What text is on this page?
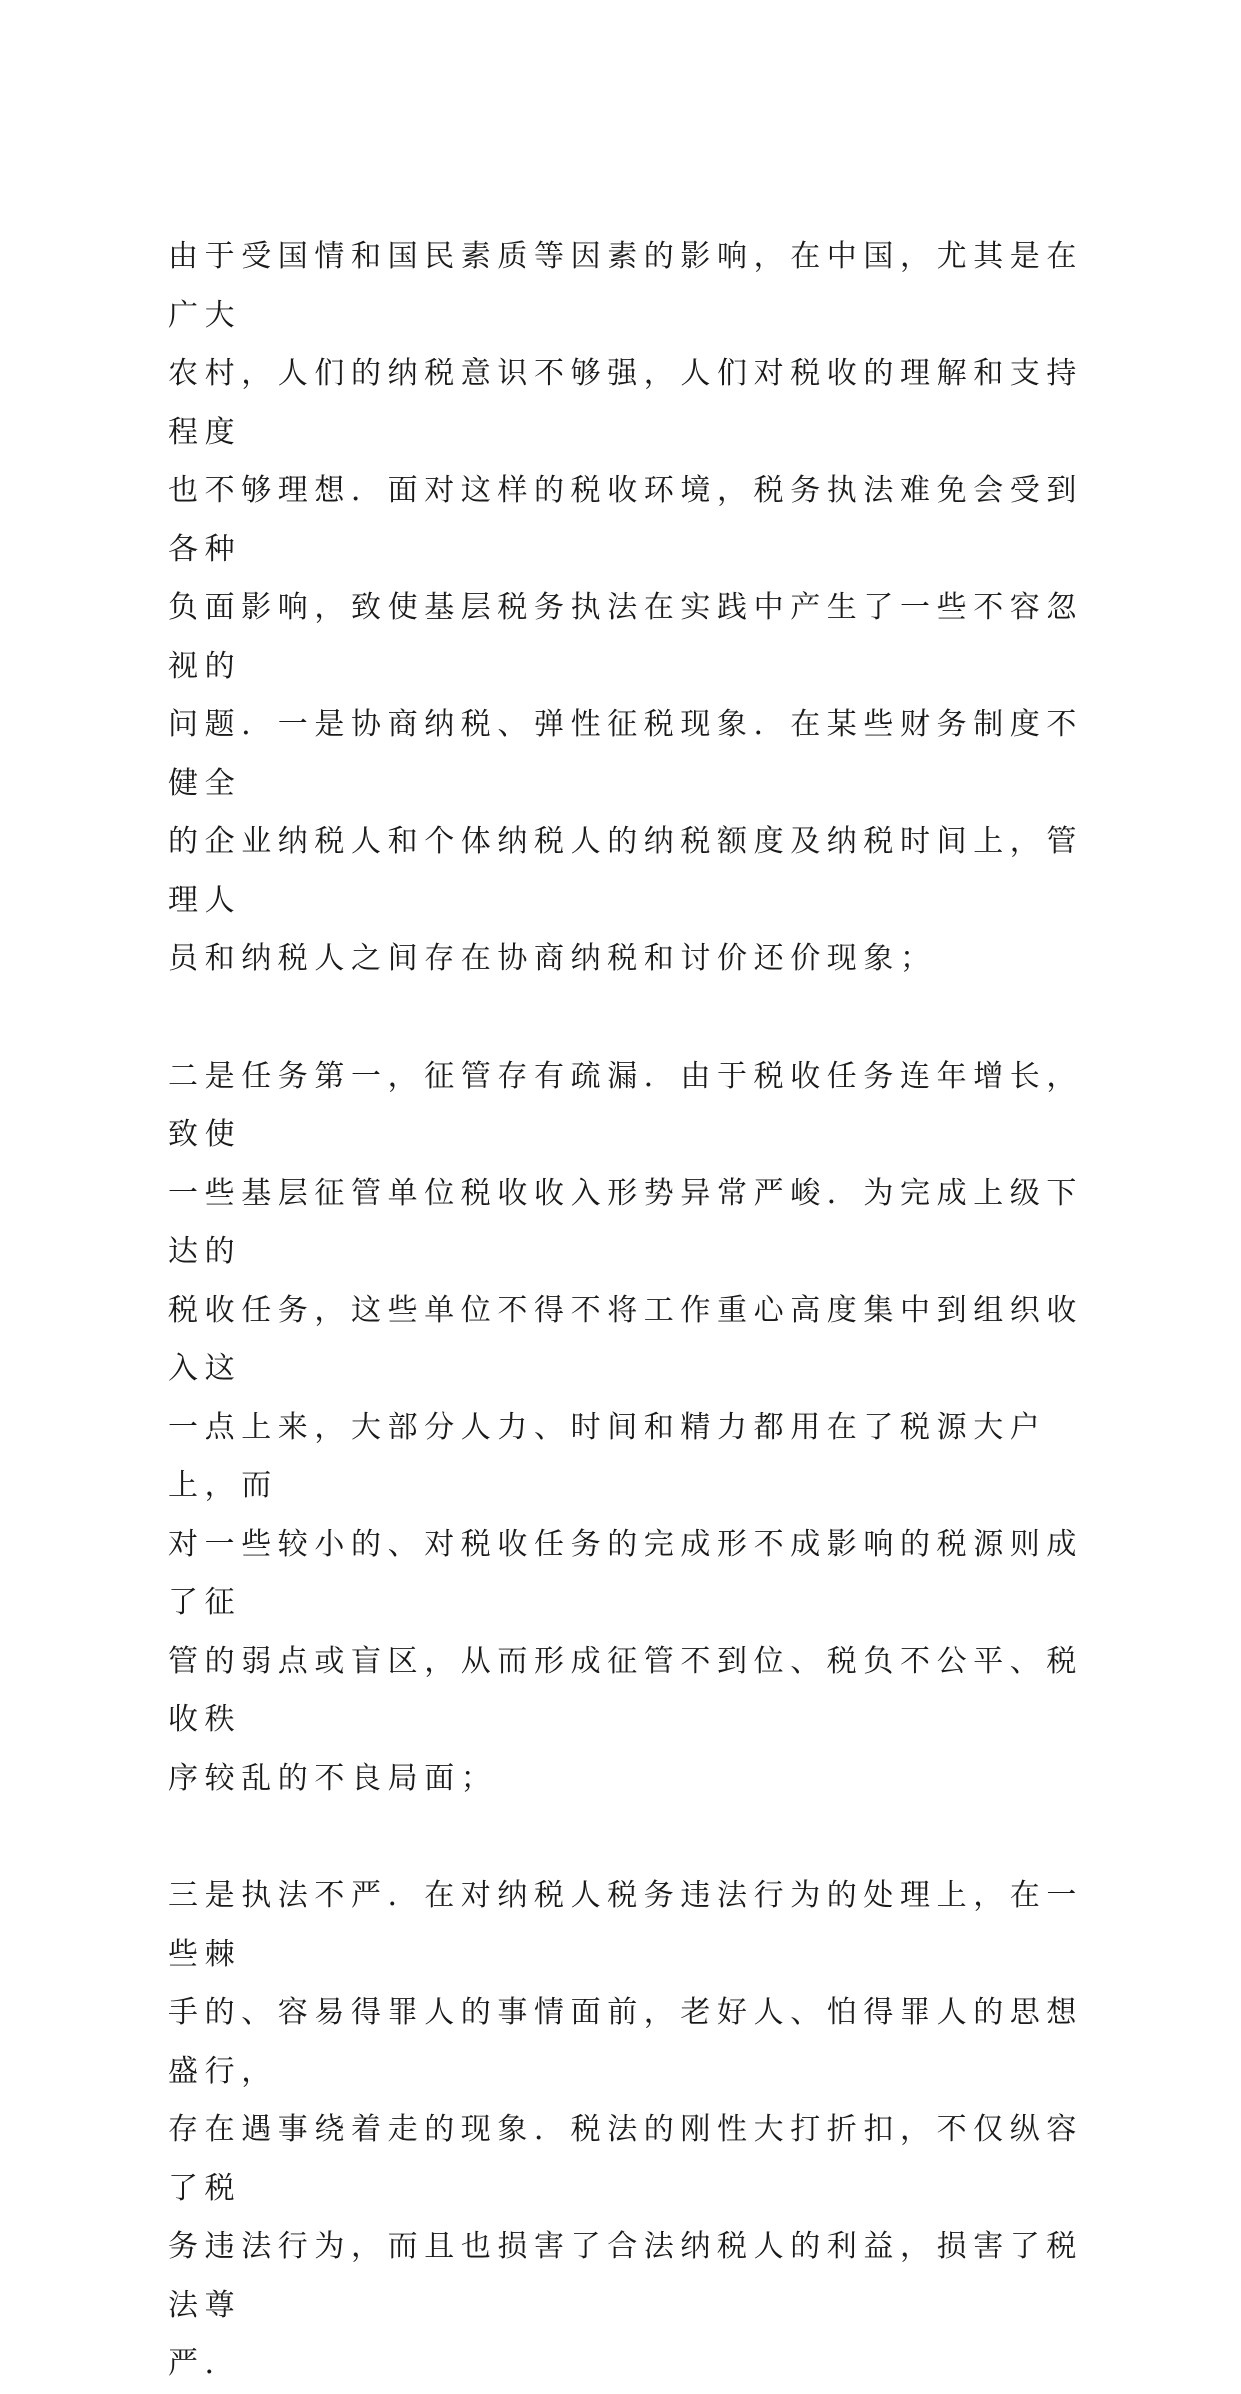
由于受国情和国民素质等因素的影响，在中国，尤其是在广大
农村，人们的纳税意识不够强，人们对税收的理解和支持程度
也不够理想．面对这样的税收环境，税务执法难免会受到各种
负面影响，致使基层税务执法在实践中产生了一些不容忽视的
问题．一是协商纳税、弹性征税现象．在某些财务制度不健全
的企业纳税人和个体纳税人的纳税额度及纳税时间上，管理人
员和纳税人之间存在协商纳税和讨价还价现象；

二是任务第一，征管存有疏漏．由于税收任务连年增长，致使
一些基层征管单位税收收入形势异常严峻．为完成上级下达的
税收任务，这些单位不得不将工作重心高度集中到组织收入这
一点上来，大部分人力、时间和精力都用在了税源大户上，而
对一些较小的、对税收任务的完成形不成影响的税源则成了征
管的弱点或盲区，从而形成征管不到位、税负不公平、税收秩
序较乱的不良局面；

三是执法不严．在对纳税人税务违法行为的处理上，在一些棘
手的、容易得罪人的事情面前，老好人、怕得罪人的思想盛行，
存在遇事绕着走的现象．税法的刚性大打折扣，不仅纵容了税
务违法行为，而且也损害了合法纳税人的利益，损害了税法尊
严．
